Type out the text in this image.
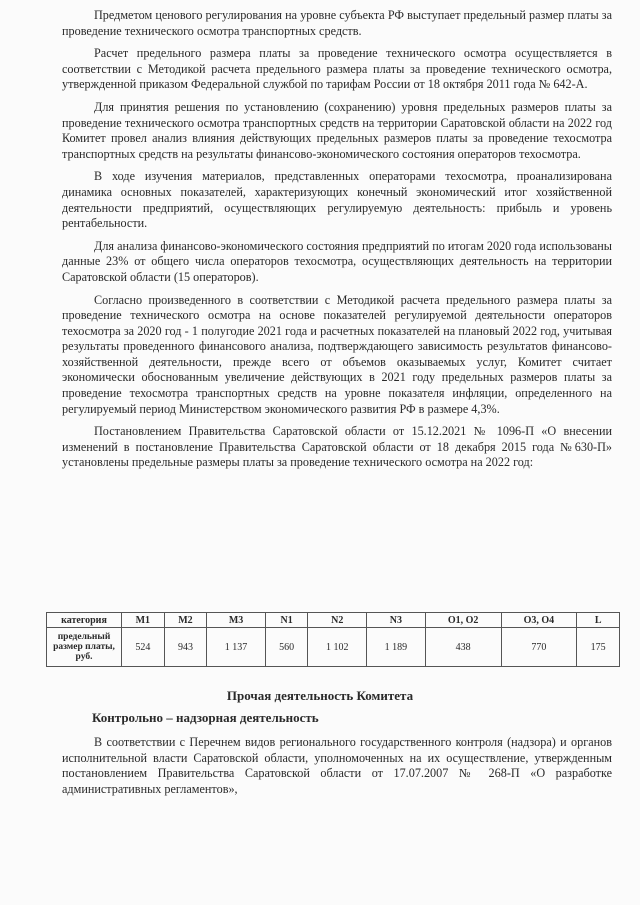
Предметом ценового регулирования на уровне субъекта РФ выступает предельный размер платы за проведение технического осмотра транспортных средств.

Расчет предельного размера платы за проведение технического осмотра осуществляется в соответствии с Методикой расчета предельного размера платы за проведение технического осмотра, утвержденной приказом Федеральной службой по тарифам России от 18 октября 2011 года № 642-А.

Для принятия решения по установлению (сохранению) уровня предельных размеров платы за проведение технического осмотра транспортных средств на территории Саратовской области на 2022 год Комитет провел анализ влияния действующих предельных размеров платы за проведение техосмотра транспортных средств на результаты финансово-экономического состояния операторов техосмотра.

В ходе изучения материалов, представленных операторами техосмотра, проанализирована динамика основных показателей, характеризующих конечный экономический итог хозяйственной деятельности предприятий, осуществляющих регулируемую деятельность: прибыль и уровень рентабельности.

Для анализа финансово-экономического состояния предприятий по итогам 2020 года использованы данные 23% от общего числа операторов техосмотра, осуществляющих деятельность на территории Саратовской области (15 операторов).

Согласно произведенного в соответствии с Методикой расчета предельного размера платы за проведение технического осмотра на основе показателей регулируемой деятельности операторов техосмотра за 2020 год - 1 полугодие 2021 года и расчетных показателей на плановый 2022 год, учитывая результаты проведенного финансового анализа, подтверждающего зависимость результатов финансово-хозяйственной деятельности, прежде всего от объемов оказываемых услуг, Комитет считает экономически обоснованным увеличение действующих в 2021 году предельных размеров платы за проведение техосмотра транспортных средств на уровне показателя инфляции, определенного на регулируемый период Министерством экономического развития РФ в размере 4,3%.

Постановлением Правительства Саратовской области от 15.12.2021 № 1096-П «О внесении изменений в постановление Правительства Саратовской области от 18 декабря 2015 года №630-П» установлены предельные размеры платы за проведение технического осмотра на 2022 год:

категория	M1	M2	M3	N1	N2	N3	O1, O2	O3, O4	L
предельный размер платы, руб.	524	943	1 137	560	1 102	1 189	438	770	175
Прочая деятельность Комитета
Контрольно – надзорная деятельность

В соответствии с Перечнем видов регионального государственного контроля (надзора) и органов исполнительной власти Саратовской области, уполномоченных на их осуществление, утвержденным постановлением Правительства Саратовской области от 17.07.2007 № 268-П «О разработке административных регламентов»,
